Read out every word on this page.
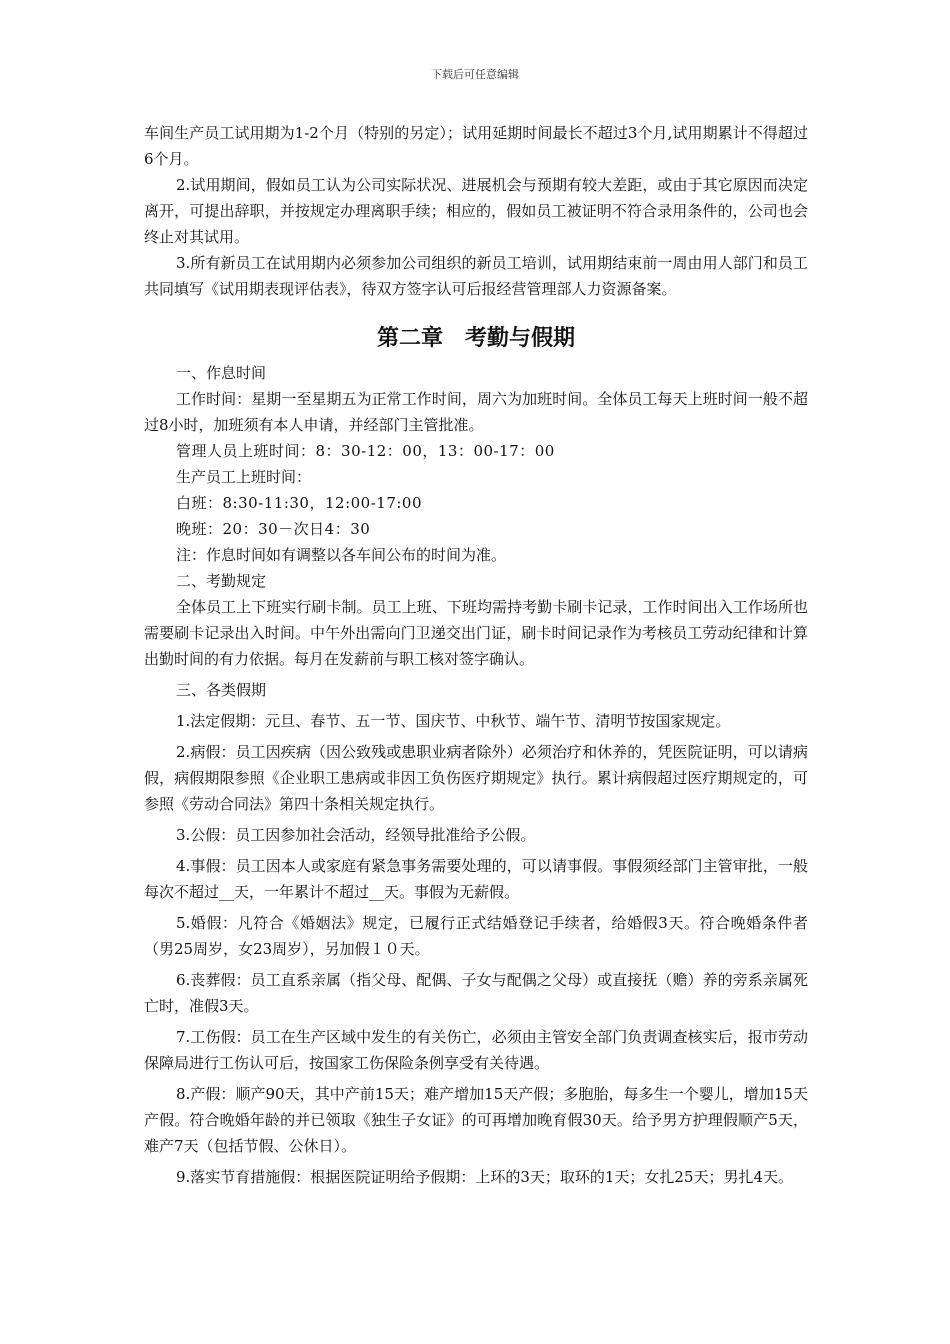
下载后可任意编辑

车间生产员工试用期为1-2个月（特别的另定）；试用延期时间最长不超过3个月,试用期累计不得超过6个月。

2.试用期间，假如员工认为公司实际状况、进展机会与预期有较大差距，或由于其它原因而决定离开，可提出辞职，并按规定办理离职手续；相应的，假如员工被证明不符合录用条件的，公司也会终止对其试用。

3.所有新员工在试用期内必须参加公司组织的新员工培训，试用期结束前一周由用人部门和员工共同填写《试用期表现评估表》，待双方签字认可后报经营管理部人力资源备案。

第二章　考勤与假期

一、作息时间

工作时间：星期一至星期五为正常工作时间，周六为加班时间。全体员工每天上班时间一般不超过8小时，加班须有本人申请，并经部门主管批准。

管理人员上班时间：8：30-12：00，13：00-17：00

生产员工上班时间：

白班：8:30-11:30，12:00-17:00

晚班：20：30－次日4：30

注：作息时间如有调整以各车间公布的时间为准。

二、考勤规定

全体员工上下班实行刷卡制。员工上班、下班均需持考勤卡刷卡记录，工作时间出入工作场所也需要刷卡记录出入时间。中午外出需向门卫递交出门证，刷卡时间记录作为考核员工劳动纪律和计算出勤时间的有力依据。每月在发薪前与职工核对签字确认。

三、各类假期

1.法定假期：元旦、春节、五一节、国庆节、中秋节、端午节、清明节按国家规定。

2.病假：员工因疾病（因公致残或患职业病者除外）必须治疗和休养的，凭医院证明，可以请病假，病假期限参照《企业职工患病或非因工负伤医疗期规定》执行。累计病假超过医疗期规定的，可参照《劳动合同法》第四十条相关规定执行。

3.公假：员工因参加社会活动，经领导批准给予公假。

4.事假：员工因本人或家庭有紧急事务需要处理的，可以请事假。事假须经部门主管审批，一般每次不超过__天，一年累计不超过__天。事假为无薪假。

5.婚假：凡符合《婚姻法》规定，已履行正式结婚登记手续者，给婚假3天。符合晚婚条件者（男25周岁，女23周岁），另加假１０天。

6.丧葬假：员工直系亲属（指父母、配偶、子女与配偶之父母）或直接抚（赡）养的旁系亲属死亡时，准假3天。

7.工伤假：员工在生产区域中发生的有关伤亡，必须由主管安全部门负责调查核实后，报市劳动保障局进行工伤认可后，按国家工伤保险条例享受有关待遇。

8.产假：顺产90天，其中产前15天；难产增加15天产假；多胞胎，每多生一个婴儿，增加15天产假。符合晚婚年龄的并已领取《独生子女证》的可再增加晚育假30天。给予男方护理假顺产5天，难产7天（包括节假、公休日）。

9.落实节育措施假：根据医院证明给予假期：上环的3天；取环的1天；女扎25天；男扎4天。
